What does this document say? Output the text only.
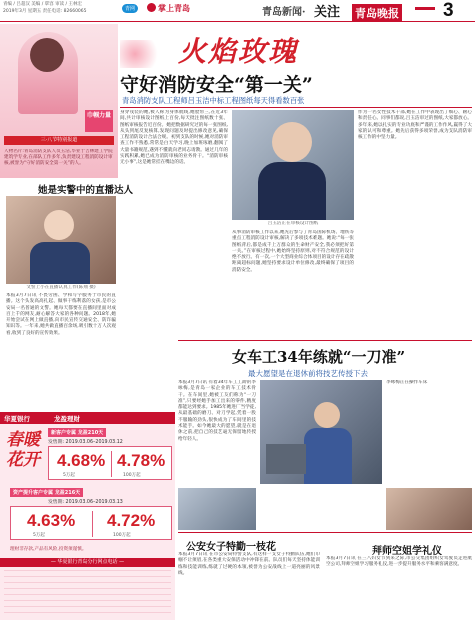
青编 / 吕超汉 美编 / 覃容 审读 / 王林宏
2019年3月 星期五 责任电话: 82660065	青网	掌上青岛	青岛新闻· 关注 青岛晚报 3
巾帼力量
三·八节特别报道
人物名片:青岛消防支队人员玉洁,毕业于吉林建工学院建筑学专业,在部队工作多年,负责建设工程消防设计审核,被誉为“守好消防安全第一关”的人。
火焰玫瑰
守好消防安全“第一关”
青岛消防支队工程师吕玉洁中标工程图纸每天得看数百张
身穿戎装的她,被人称为身体航线,她脸带三,在近3年间,共计审核设计图纸上百份,每天批注图纸数十张、图纸审核报告近百份。她把数据研究过的每一张图纸,从头到尾反复核算,发现问题及时提出修改意见,确保工程消防设计合法合规。初到支队的时候,她对消防审查工作不熟悉,常常是白天学习,晚上加班琢磨,翻阅了大量书籍规范,遇到不懂就向老同志请教。通过几年的实践积累,她已成为消防审核的业务骨干。“消防审核无小事”,这是她常挂在嘴边的话。
吕玉洁正在审核设计图纸
从事消防审核工作以来,她先后参与了青岛国际机场、地铁等重点工程消防设计审核,解决了多项技术难题。她说:“每一张图纸背后,都是成千上万群众的生命财产安全,我必须把好第一关。”在审核过程中,她始终坚持原则,对不符合规范的设计绝不放行。有一次,一个大型商业综合体项目的设计存在疏散距离超标问题,她坚持要求设计单位修改,最终确保了项目的消防安全。
作为一名女性技术干部,她在工作中表现出了细心、耐心和责任心。同事们都说,吕玉洁审过的图纸,大家都放心。多年来,她以扎实的专业功底和严谨的工作作风,赢得了大家的认可和尊重。她先后获得多项荣誉,成为支队消防审核工作的中坚力量。
她是实警中的直播达人
文警上小在直播认真工作(陈翔 摄)
本报3月7日讯 不畏劳困、学和写字服务于市民的直播。这个头发高高扎起、做事干练利落的女孩,是市公安局一名普通的文警。她每天都要在直播间里面对成百上千的网友,耐心解答大家的各种问题。2018年,她开始尝试在网上做直播,向市民宣传交通安全、防诈骗知识等。一年来,她共做直播百余场,吸引数十万人次观看,收到了良好的宣传效果。
女车工34年练就“一刀准”
最大愿望是在退休前将技艺传授下去
本报3月7日讯 有着34年车工工龄的李咏梅,是青岛一家企业的车工技术骨干。在车间里,她被工友们称为“一刀准”,只要经她手加工出来的零件,精度都能达到要求。1985年她进厂当学徒,从最基础的磨刀、对刀学起,凭着一股不服输的劲头,很快成为了车间里的技术能手。如今她最大的愿望,就是在退休之前,把自己的技艺毫无保留地传授给年轻人。
李咏梅正在操作车床
公安女子特勤一枝花
本报3月7日讯 在市公安局特警支队,有这样一支女子特勤队伍,她们巾帼不让须眉,在各类重大安保活动中冲锋在前。队员们每天坚持体能训练和技能训练,练就了过硬的本领,被誉为公安战线上一道亮丽的风景线。
拜师空姐学礼仪
本报3月7日讯 在三八妇女节到来之际,市公交集团组织女驾驶员走进航空公司,拜师空姐学习服务礼仪,进一步提升服务水平和乘客满意度。
华夏银行	龙盈理财
春暖花开
新客户专属 龙盈210天
发售期: 2019.03.06–2019.03.12
4.68%
5万起
4.78%
100万起
资产提升客户专属 龙盈216天
发售期: 2019.03.06–2019.03.13
4.63%
5万起
4.72%
100万起
理财非存款,产品有风险,投资须谨慎。
— 华夏银行青岛分行网点电话 —
